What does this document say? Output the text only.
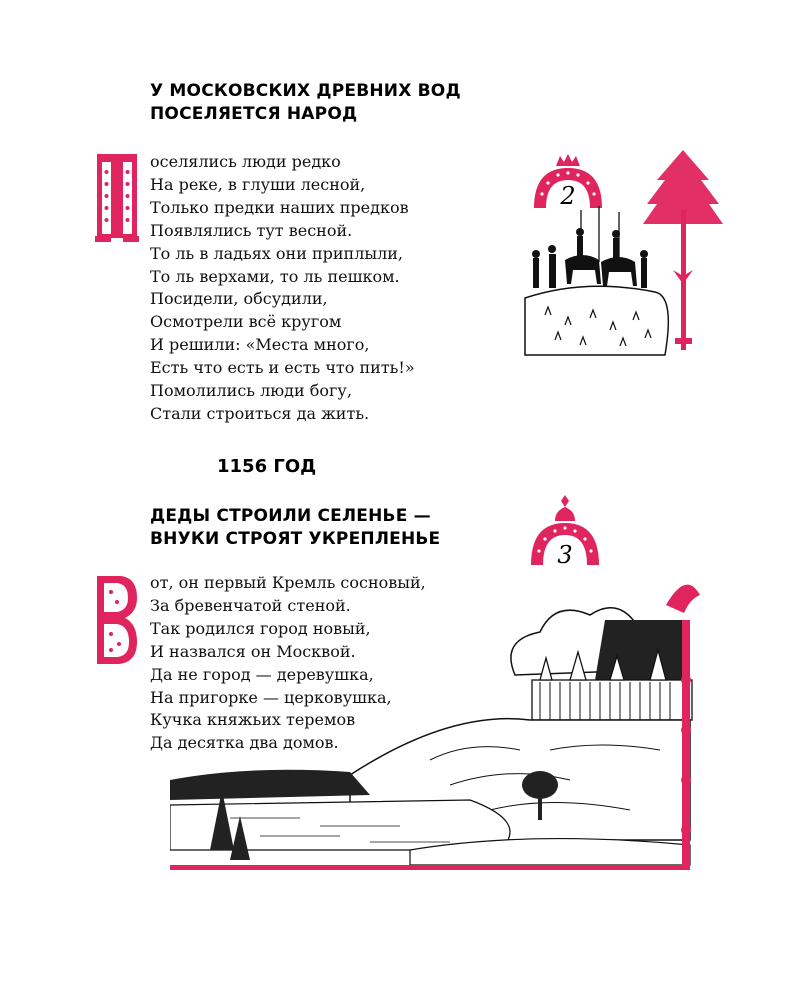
У МОСКОВСКИХ ДРЕВНИХ ВОД
ПОСЕЛЯЕТСЯ НАРОД
оселялись люди редко
На реке, в глуши лесной,
Только предки наших предков
Появлялись тут весной.
То ль в ладьях они приплыли,
То ль верхами, то ль пешком.
Посидели, обсудили,
Осмотрели всё кругом
И решили: «Места много,
Есть что есть и есть что пить!»
Помолились люди богу,
Стали строиться да жить.
2
1156 ГОД
ДЕДЫ СТРОИЛИ СЕЛЕНЬЕ —
ВНУКИ СТРОЯТ УКРЕПЛЕНЬЕ
от, он первый Кремль сосновый,
За бревенчатой стеной.
Так родился город новый,
И назвался он Москвой.
Да не город — деревушка,
На пригорке — церковушка,
Кучка княжьих теремов
Да десятка два домов.
3
